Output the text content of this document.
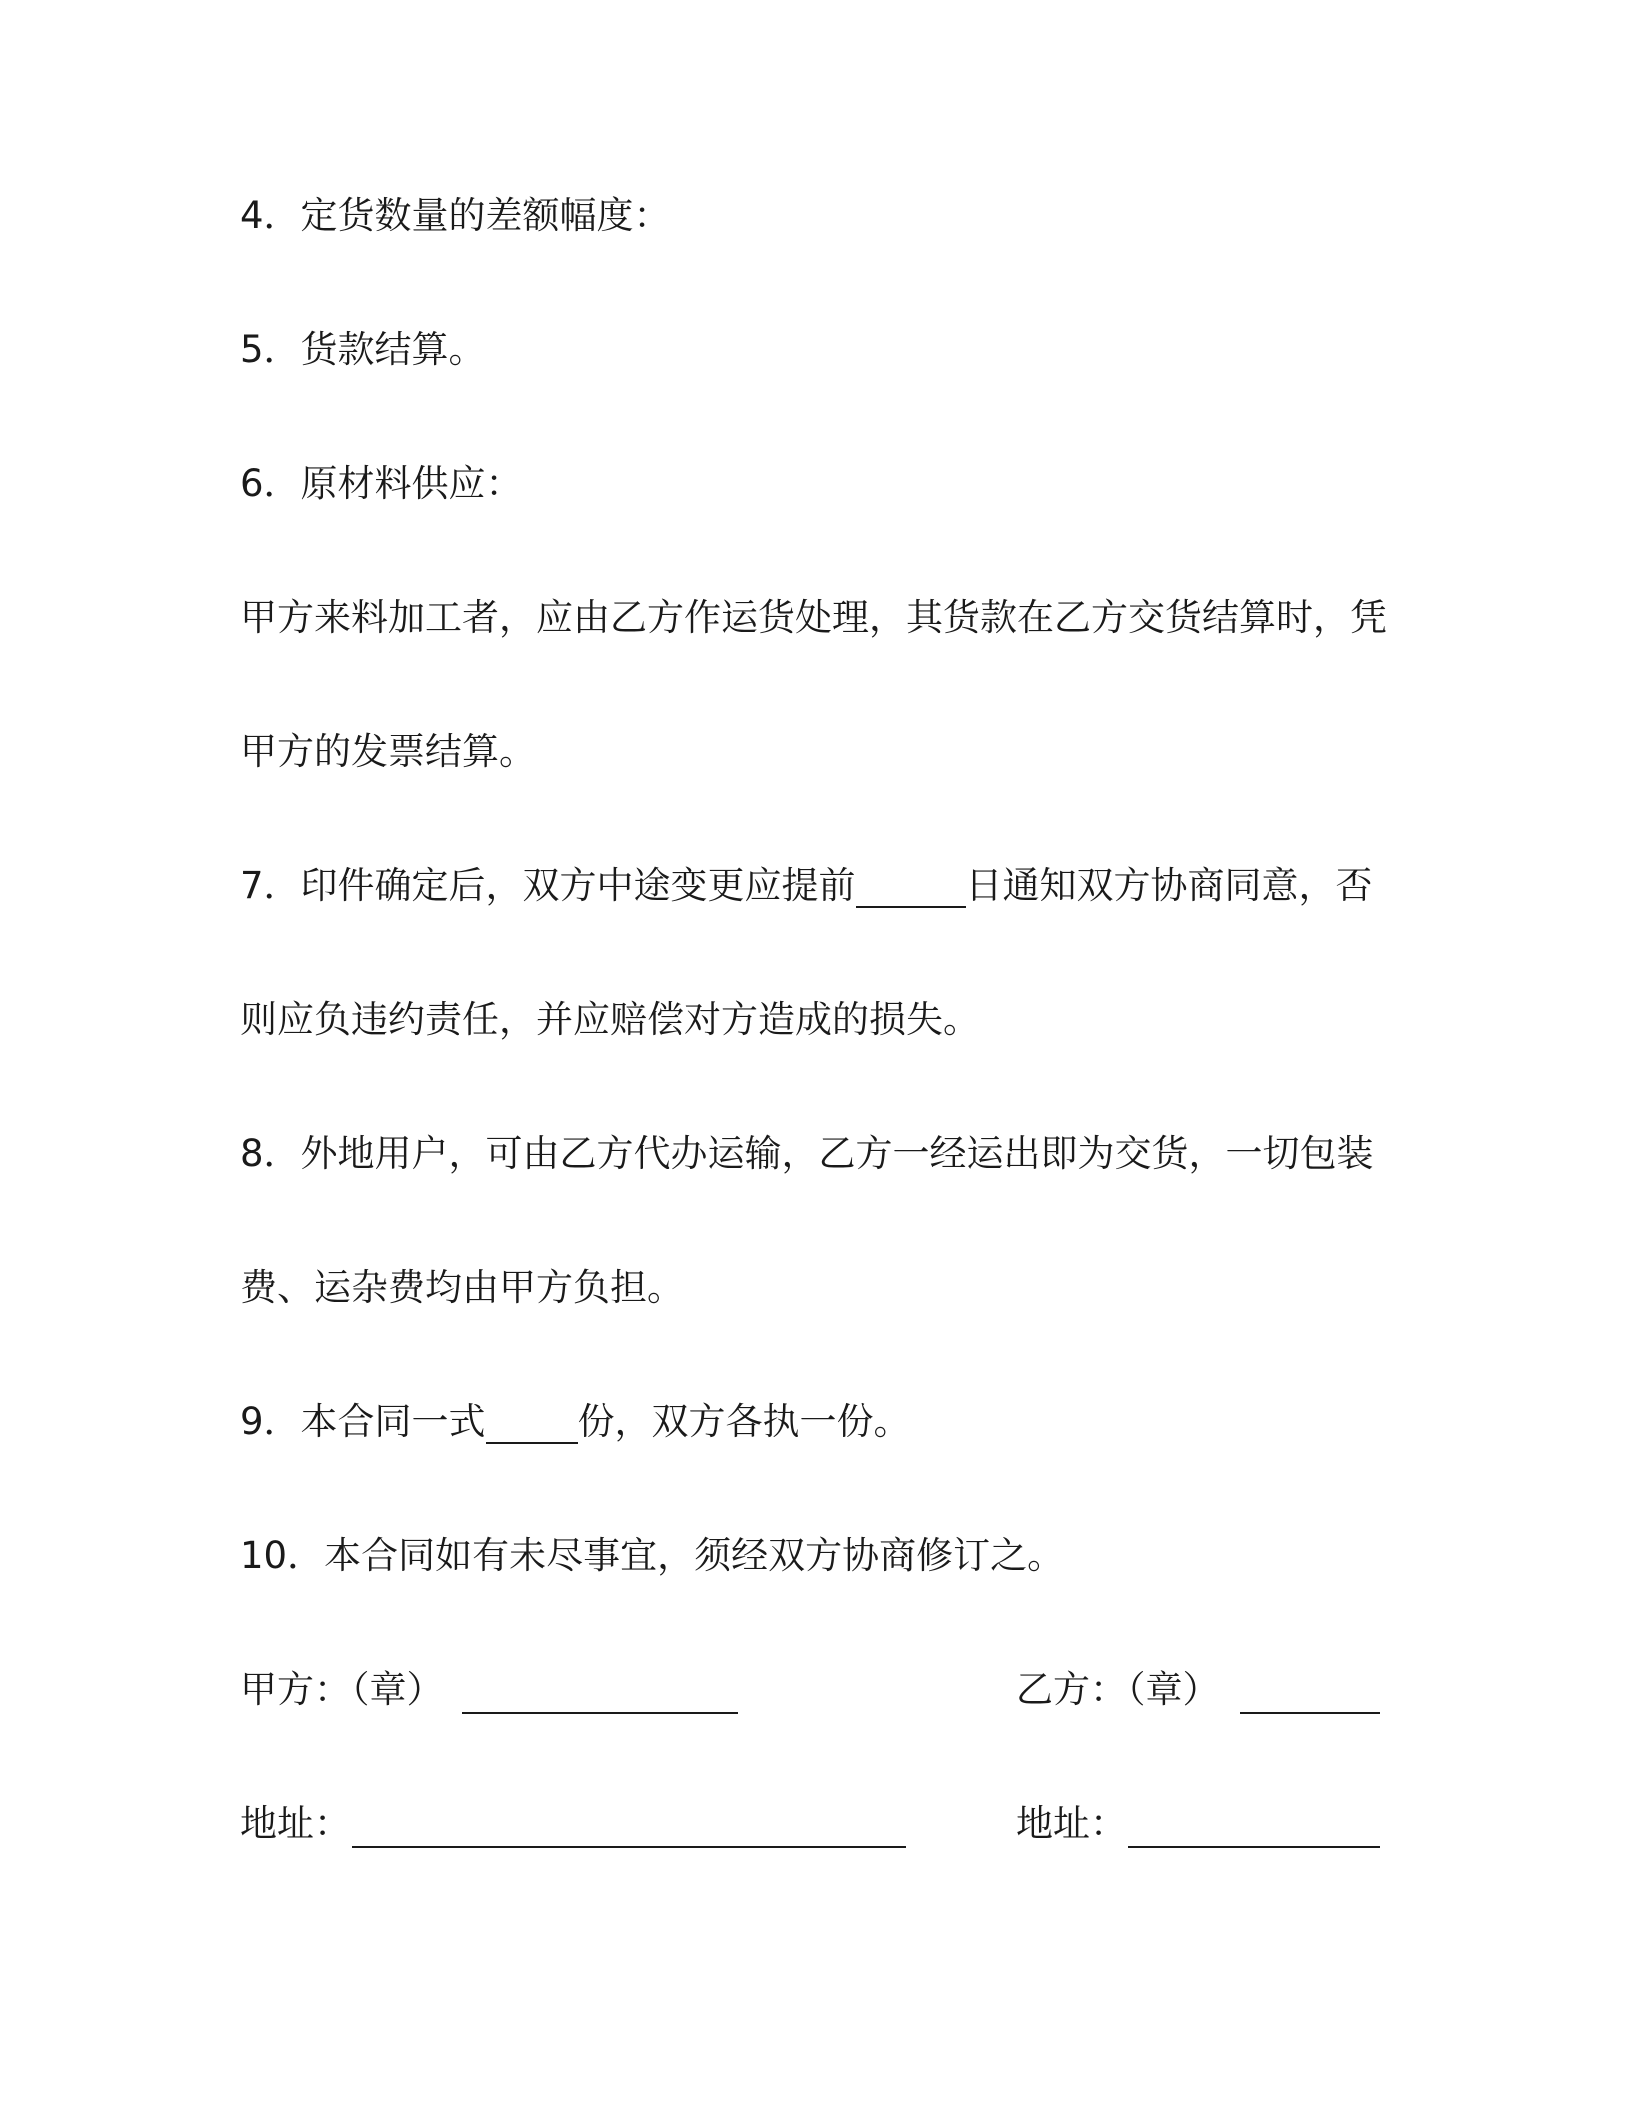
4．定货数量的差额幅度：
5．货款结算。
6．原材料供应：
甲方来料加工者，应由乙方作运货处理，其货款在乙方交货结算时，凭
甲方的发票结算。
7．印件确定后，双方中途变更应提前	日通知双方协商同意，否
则应负违约责任，并应赔偿对方造成的损失。
8．外地用户，可由乙方代办运输，乙方一经运出即为交货，一切包装
费、运杂费均由甲方负担。
9．本合同一式 份，双方各执一份。
10．本合同如有未尽事宜，须经双方协商修订之。
甲方：（章）	乙方：（章）
地址：	地址：
